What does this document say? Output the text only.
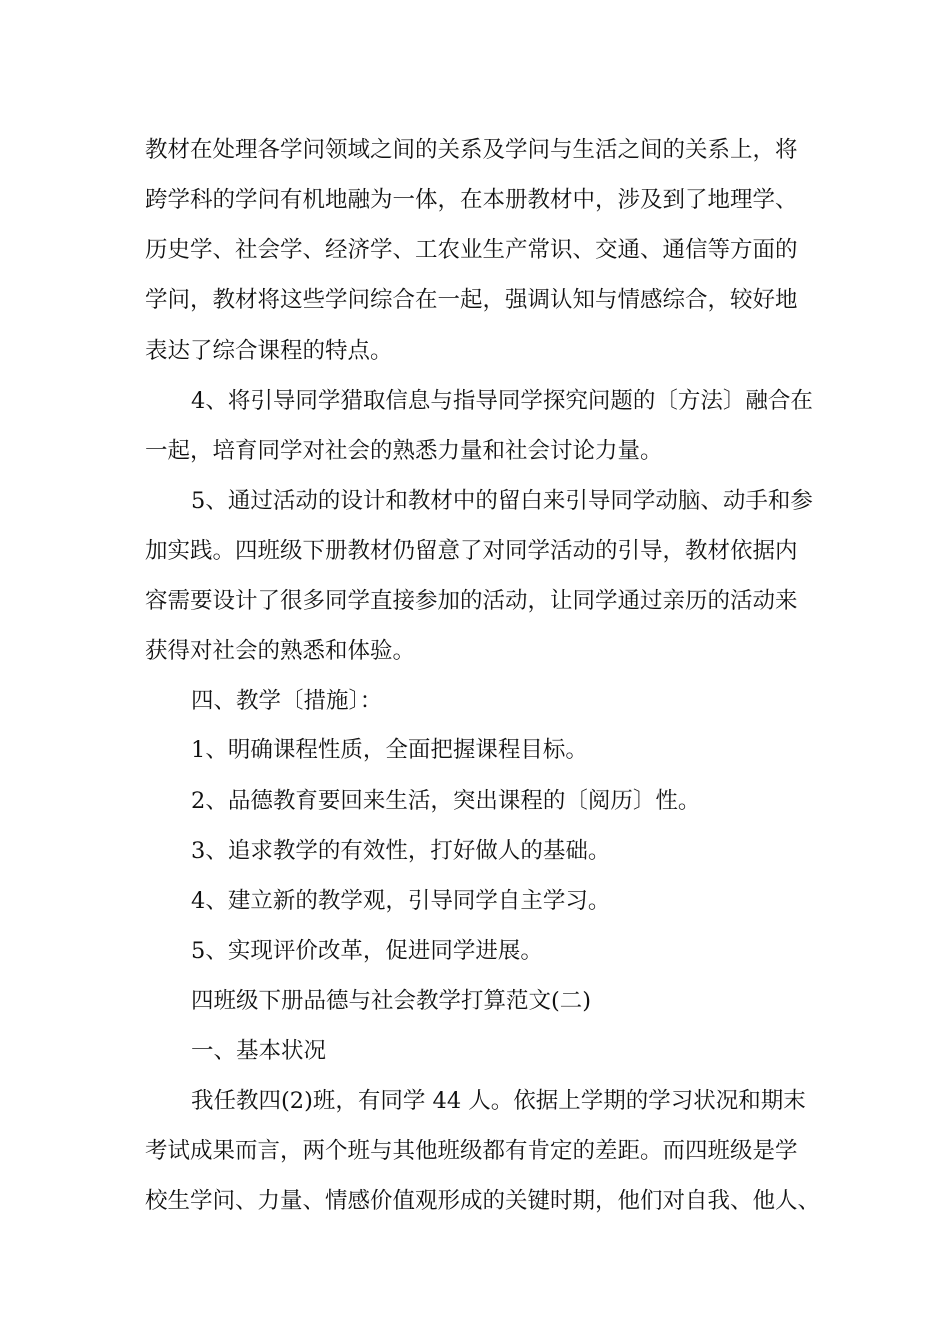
教材在处理各学问领域之间的关系及学问与生活之间的关系上，将
跨学科的学问有机地融为一体，在本册教材中，涉及到了地理学、
历史学、社会学、经济学、工农业生产常识、交通、通信等方面的
学问，教材将这些学问综合在一起，强调认知与情感综合，较好地
表达了综合课程的特点。
4、将引导同学猎取信息与指导同学探究问题的〔方法〕融合在
一起，培育同学对社会的熟悉力量和社会讨论力量。
5、通过活动的设计和教材中的留白来引导同学动脑、动手和参
加实践。四班级下册教材仍留意了对同学活动的引导，教材依据内
容需要设计了很多同学直接参加的活动，让同学通过亲历的活动来
获得对社会的熟悉和体验。
四、教学〔措施〕：
1、明确课程性质，全面把握课程目标。
2、品德教育要回来生活，突出课程的〔阅历〕性。
3、追求教学的有效性，打好做人的基础。
4、建立新的教学观，引导同学自主学习。
5、实现评价改革，促进同学进展。
四班级下册品德与社会教学打算范文(二)
一、基本状况
我任教四(2)班，有同学 44 人。依据上学期的学习状况和期末
考试成果而言，两个班与其他班级都有肯定的差距。而四班级是学
校生学问、力量、情感价值观形成的关键时期，他们对自我、他人、
